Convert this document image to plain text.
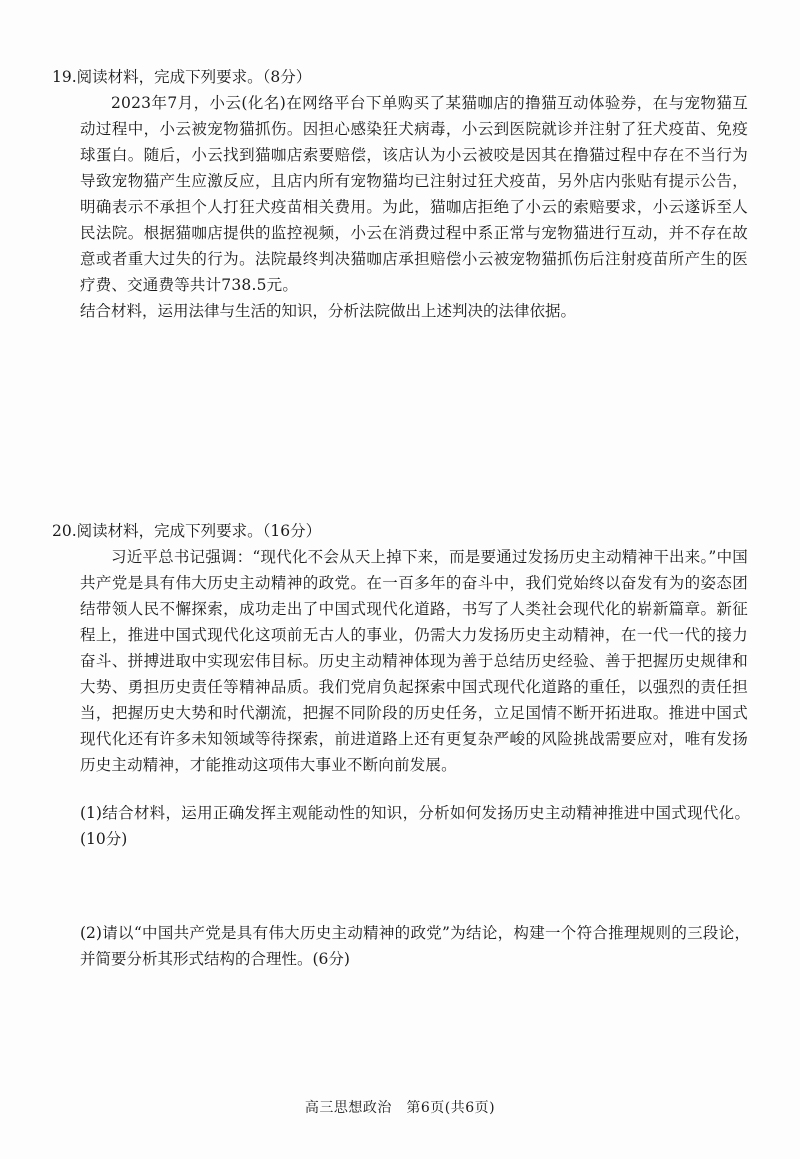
19.阅读材料，完成下列要求。（8分）

2023年7月，小云(化名)在网络平台下单购买了某猫咖店的撸猫互动体验券，在与宠物猫互动过程中，小云被宠物猫抓伤。因担心感染狂犬病毒，小云到医院就诊并注射了狂犬疫苗、免疫球蛋白。随后，小云找到猫咖店索要赔偿，该店认为小云被咬是因其在撸猫过程中存在不当行为导致宠物猫产生应激反应，且店内所有宠物猫均已注射过狂犬疫苗，另外店内张贴有提示公告，明确表示不承担个人打狂犬疫苗相关费用。为此，猫咖店拒绝了小云的索赔要求，小云遂诉至人民法院。根据猫咖店提供的监控视频，小云在消费过程中系正常与宠物猫进行互动，并不存在故意或者重大过失的行为。法院最终判决猫咖店承担赔偿小云被宠物猫抓伤后注射疫苗所产生的医疗费、交通费等共计738.5元。

结合材料，运用法律与生活的知识，分析法院做出上述判决的法律依据。
20.阅读材料，完成下列要求。（16分）

习近平总书记强调：“现代化不会从天上掉下来，而是要通过发扬历史主动精神干出来。”中国共产党是具有伟大历史主动精神的政党。在一百多年的奋斗中，我们党始终以奋发有为的姿态团结带领人民不懈探索，成功走出了中国式现代化道路，书写了人类社会现代化的崭新篇章。新征程上，推进中国式现代化这项前无古人的事业，仍需大力发扬历史主动精神，在一代一代的接力奋斗、拼搏进取中实现宏伟目标。历史主动精神体现为善于总结历史经验、善于把握历史规律和大势、勇担历史责任等精神品质。我们党肩负起探索中国式现代化道路的重任，以强烈的责任担当，把握历史大势和时代潮流，把握不同阶段的历史任务，立足国情不断开拓进取。推进中国式现代化还有许多未知领域等待探索，前进道路上还有更复杂严峻的风险挑战需要应对，唯有发扬历史主动精神，才能推动这项伟大事业不断向前发展。

(1)结合材料，运用正确发挥主观能动性的知识，分析如何发扬历史主动精神推进中国式现代化。(10分)
(2)请以“中国共产党是具有伟大历史主动精神的政党”为结论，构建一个符合推理规则的三段论，并简要分析其形式结构的合理性。(6分)
高三思想政治　第6页(共6页)
